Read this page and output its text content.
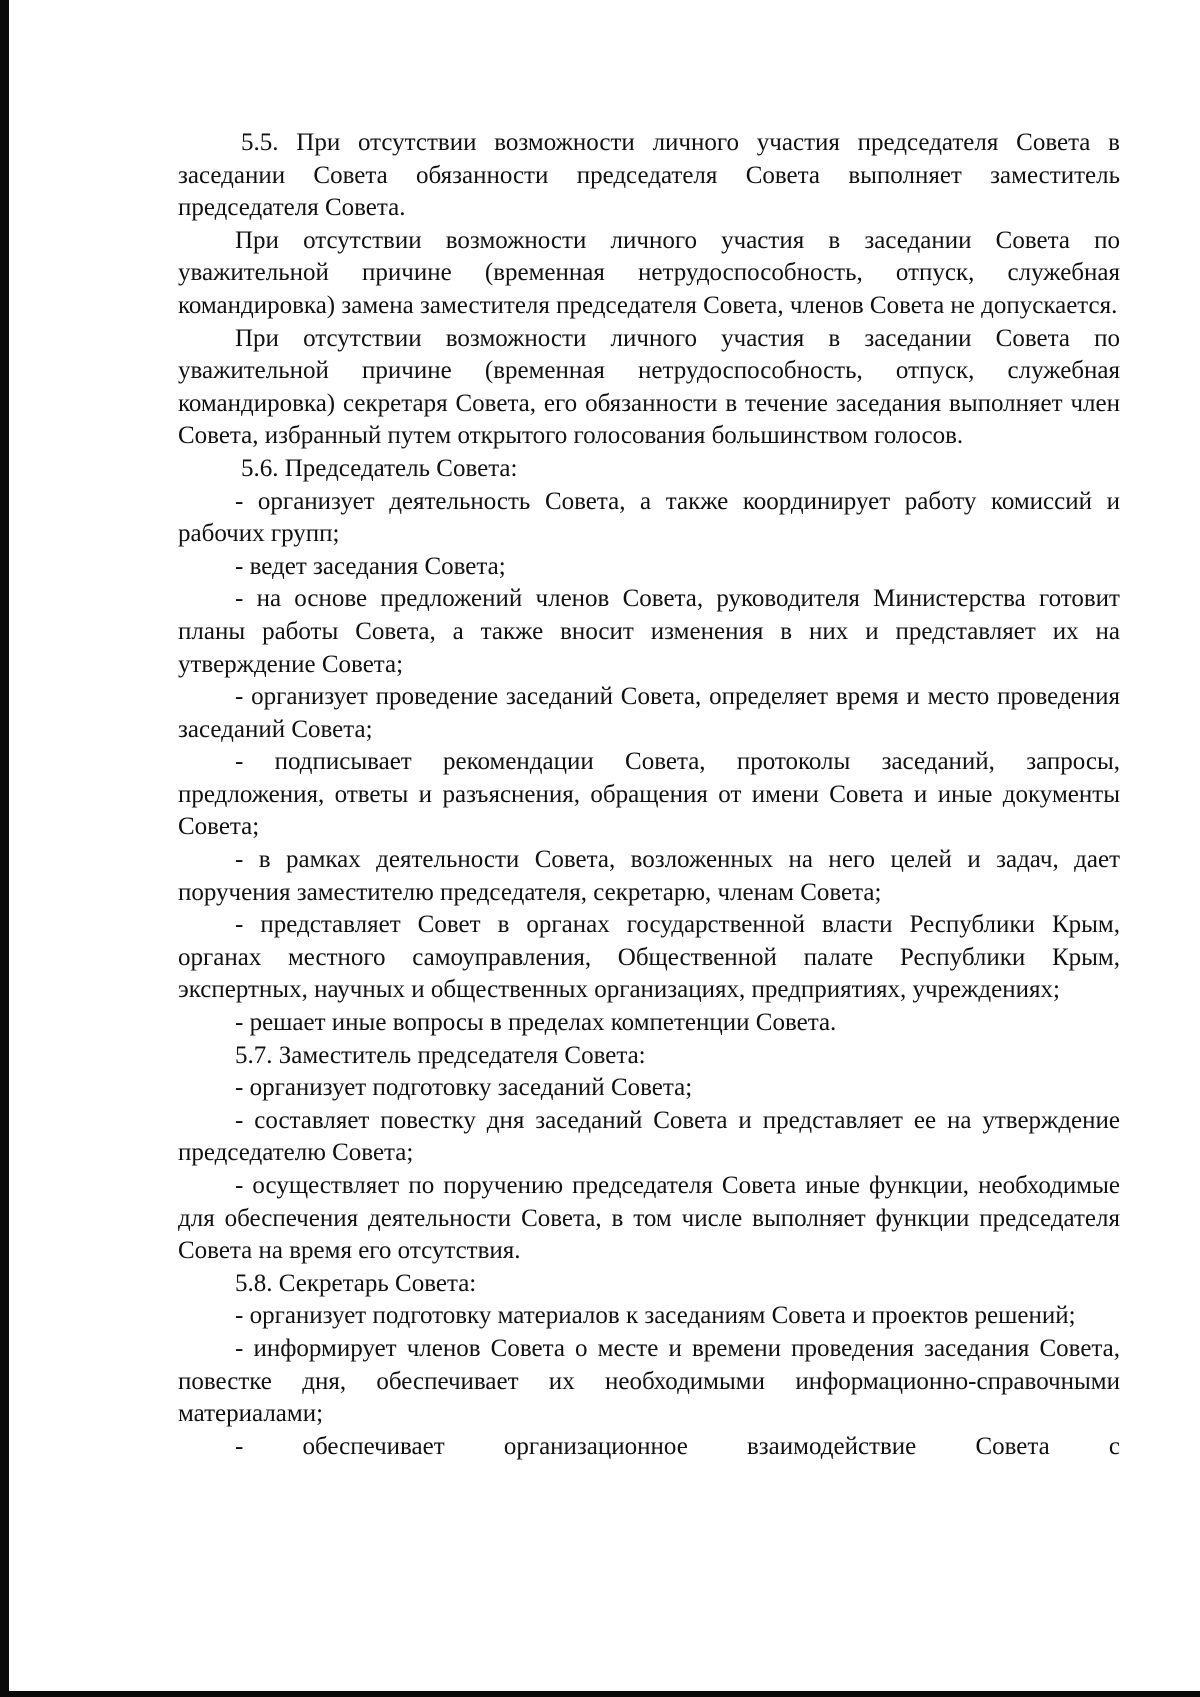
5.5. При отсутствии возможности личного участия председателя Совета в заседании Совета обязанности председателя Совета выполняет заместитель председателя Совета.

При отсутствии возможности личного участия в заседании Совета по уважительной причине (временная нетрудоспособность, отпуск, служебная командировка) замена заместителя председателя Совета, членов Совета не допускается.

При отсутствии возможности личного участия в заседании Совета по уважительной причине (временная нетрудоспособность, отпуск, служебная командировка) секретаря Совета, его обязанности в течение заседания выполняет член Совета, избранный путем открытого голосования большинством голосов.

5.6. Председатель Совета:

- организует деятельность Совета, а также координирует работу комиссий и рабочих групп;

- ведет заседания Совета;

- на основе предложений членов Совета, руководителя Министерства готовит планы работы Совета, а также вносит изменения в них и представляет их на утверждение Совета;

- организует проведение заседаний Совета, определяет время и место проведения заседаний Совета;

- подписывает рекомендации Совета, протоколы заседаний, запросы, предложения, ответы и разъяснения, обращения от имени Совета и иные документы Совета;

- в рамках деятельности Совета, возложенных на него целей и задач, дает поручения заместителю председателя, секретарю, членам Совета;

- представляет Совет в органах государственной власти Республики Крым, органах местного самоуправления, Общественной палате Республики Крым, экспертных, научных и общественных организациях, предприятиях, учреждениях;

- решает иные вопросы в пределах компетенции Совета.

5.7. Заместитель председателя Совета:

- организует подготовку заседаний Совета;

- составляет повестку дня заседаний Совета и представляет ее на утверждение председателю Совета;

- осуществляет по поручению председателя Совета иные функции, необходимые для обеспечения деятельности Совета, в том числе выполняет функции председателя Совета на время его отсутствия.

5.8. Секретарь Совета:

- организует подготовку материалов к заседаниям Совета и проектов решений;

- информирует членов Совета о месте и времени проведения заседания Совета, повестке дня, обеспечивает их необходимыми информационно-справочными материалами;

- обеспечивает организационное взаимодействие Совета с
